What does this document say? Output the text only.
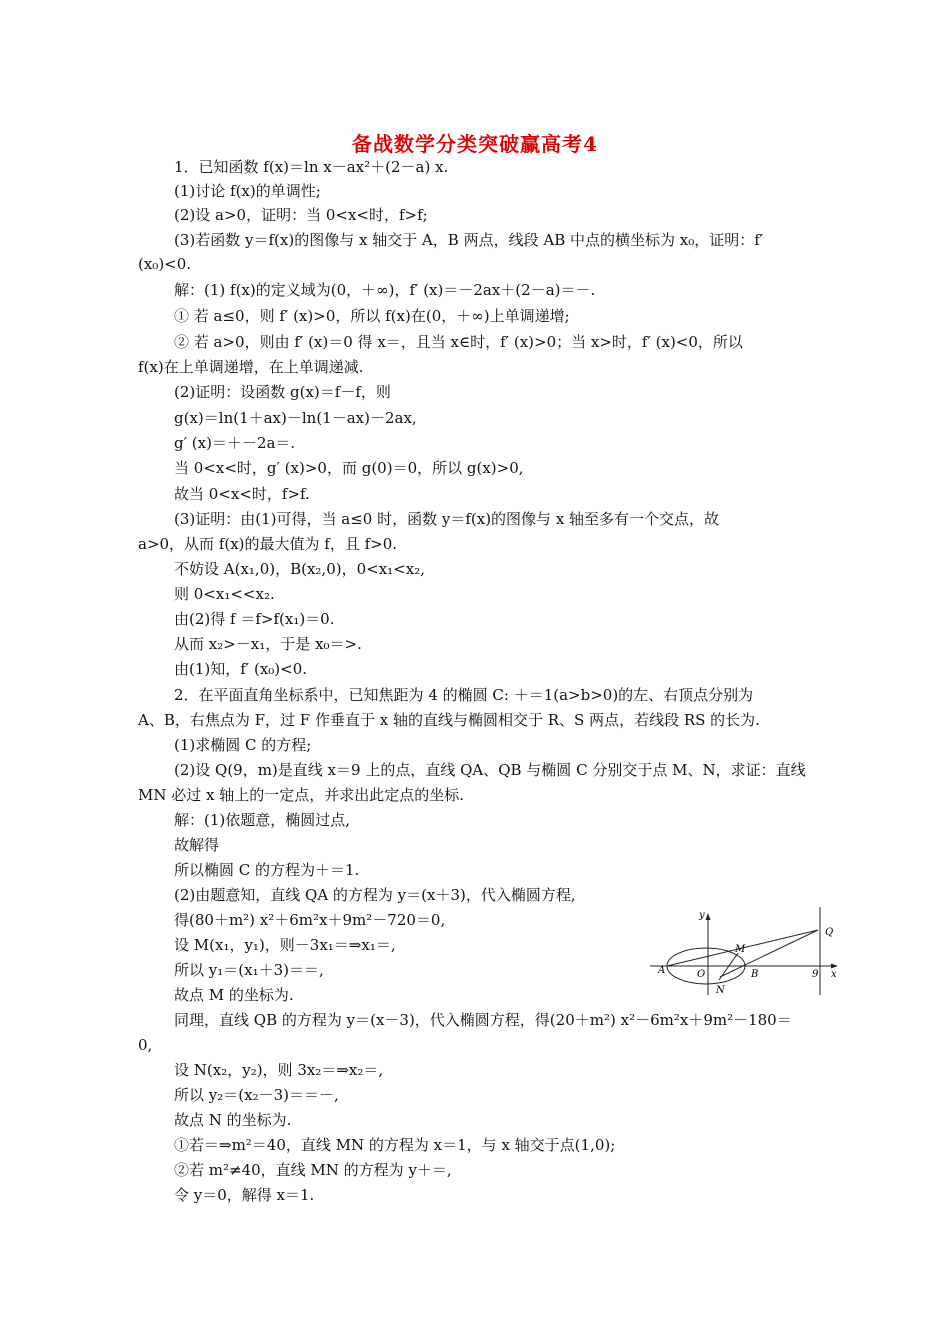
备战数学分类突破赢高考4
1．已知函数 f(x)＝ln x－ax²＋(2－a) x.
(1)讨论 f(x)的单调性;
(2)设 a>0，证明：当 0<x<时，f>f;
(3)若函数 y＝f(x)的图像与 x 轴交于 A，B 两点，线段 AB 中点的横坐标为 x₀，证明：f′
(x₀)<0.
解：(1) f(x)的定义域为(0，＋∞)，f′ (x)＝－2ax＋(2－a)＝－.
① 若 a≤0，则 f′ (x)>0，所以 f(x)在(0，＋∞)上单调递增;
② 若 a>0，则由 f′ (x)＝0 得 x＝，且当 x∈时，f′ (x)>0；当 x>时，f′ (x)<0，所以
f(x)在上单调递增，在上单调递减.
(2)证明：设函数 g(x)＝f－f，则
g(x)＝ln(1＋ax)－ln(1－ax)－2ax,
g′ (x)＝＋－2a＝.
当 0<x<时，g′ (x)>0，而 g(0)＝0，所以 g(x)>0,
故当 0<x<时，f>f.
(3)证明：由(1)可得，当 a≤0 时，函数 y＝f(x)的图像与 x 轴至多有一个交点，故
a>0，从而 f(x)的最大值为 f，且 f>0.
不妨设 A(x₁,0)，B(x₂,0)，0<x₁<x₂,
则 0<x₁<<x₂.
由(2)得 f ＝f>f(x₁)＝0.
从而 x₂>－x₁，于是 x₀＝>.
由(1)知，f′ (x₀)<0.
2．在平面直角坐标系中，已知焦距为 4 的椭圆 C: ＋＝1(a>b>0)的左、右顶点分别为
A、B，右焦点为 F，过 F 作垂直于 x 轴的直线与椭圆相交于 R、S 两点，若线段 RS 的长为.
(1)求椭圆 C 的方程;
(2)设 Q(9，m)是直线 x＝9 上的点，直线 QA、QB 与椭圆 C 分别交于点 M、N，求证：直线
MN 必过 x 轴上的一定点，并求出此定点的坐标.
解：(1)依题意，椭圆过点,
故解得
所以椭圆 C 的方程为＋＝1.
(2)由题意知，直线 QA 的方程为 y＝(x＋3)，代入椭圆方程,
得(80＋m²) x²＋6m²x＋9m²－720＝0,
设 M(x₁，y₁)，则－3x₁＝⇒x₁＝,
所以 y₁＝(x₁＋3)＝＝,
故点 M 的坐标为.
同理，直线 QB 的方程为 y＝(x－3)，代入椭圆方程，得(20＋m²) x²－6m²x＋9m²－180＝
0,
设 N(x₂，y₂)，则 3x₂＝⇒x₂＝,
所以 y₂＝(x₂－3)＝＝－,
故点 N 的坐标为.
①若＝⇒m²＝40，直线 MN 的方程为 x＝1，与 x 轴交于点(1,0);
②若 m²≠40，直线 MN 的方程为 y＋＝,
令 y＝0，解得 x＝1.
y
x
A	O	B
M
N
Q
9
